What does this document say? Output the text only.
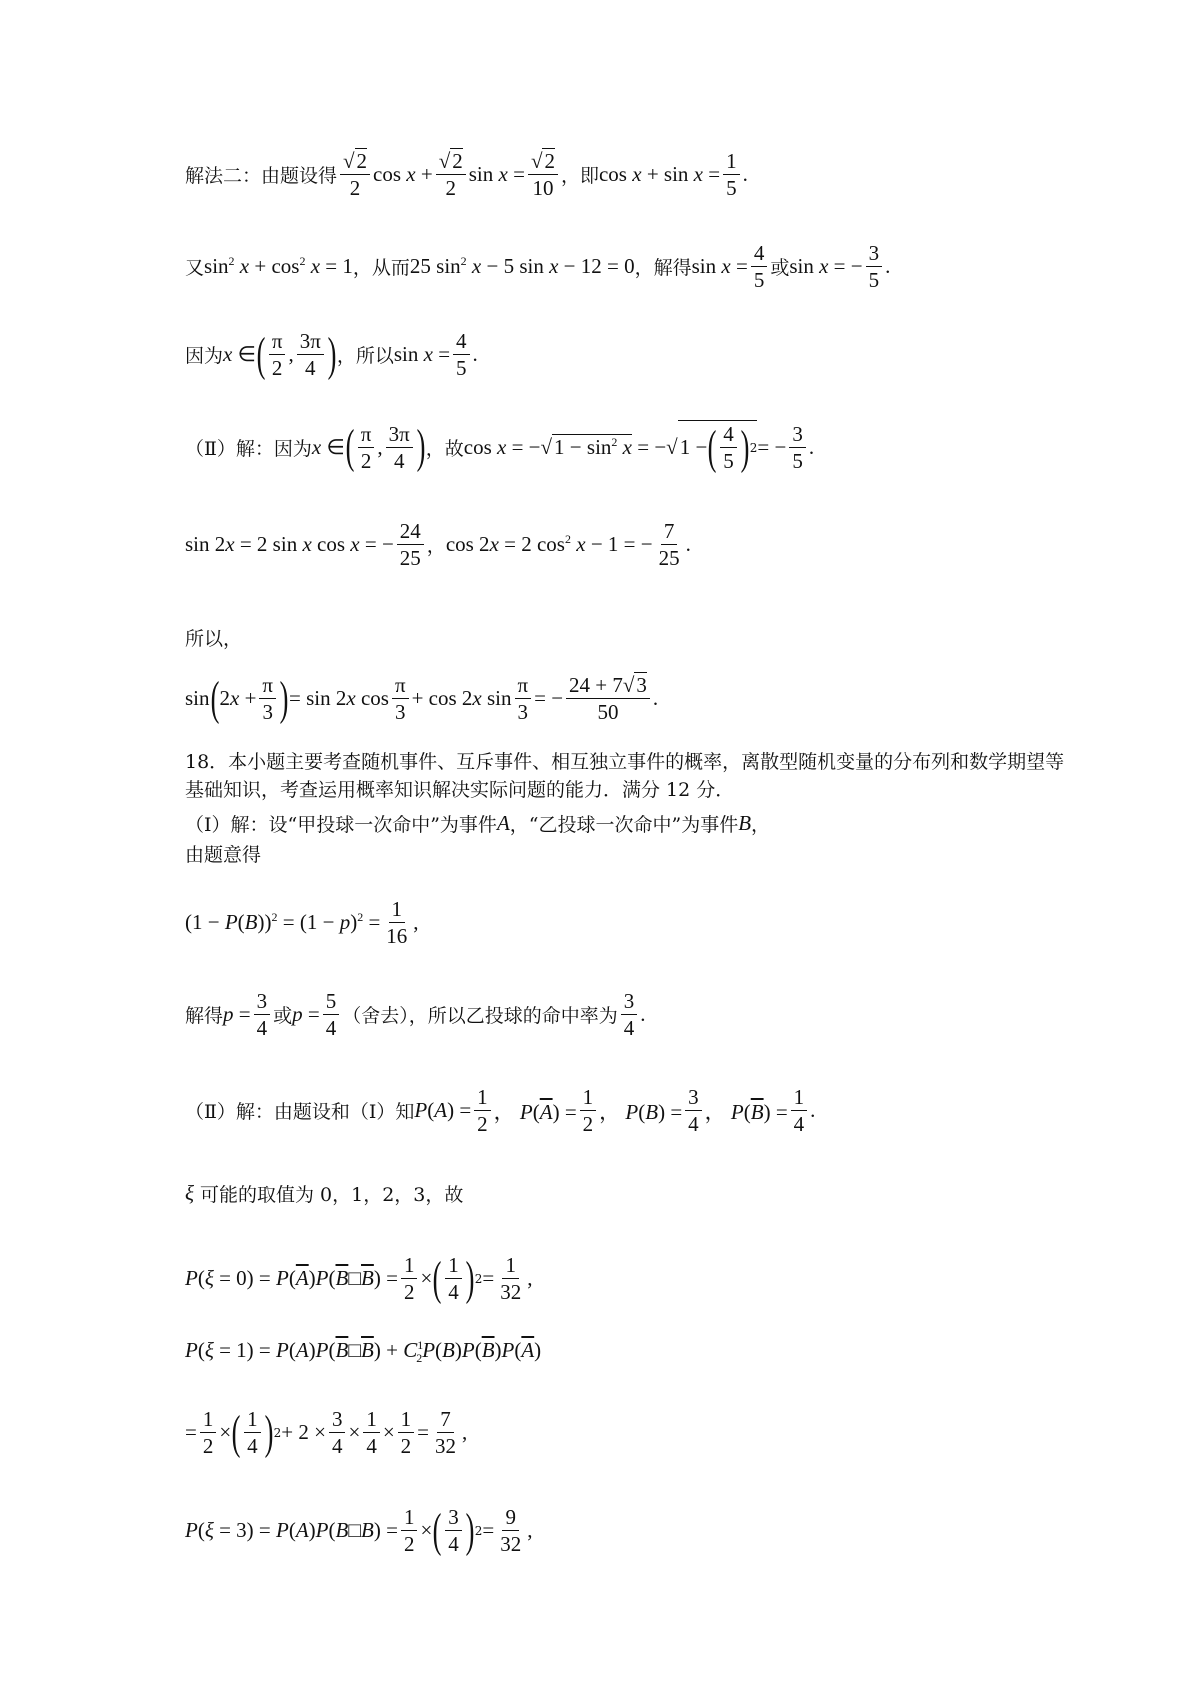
解法二：由题设得 $\frac{√2}{2}$ $\cos x + \frac{√2}{2}$ $\sin x = \frac{√2}{10}$ ，即 $\cos x + \sin x = \frac{1}{5}$ .
又 $\sin^2 x + \cos^2 x = 1$ ，从而 25 $\sin^2 x - 5$ sin x − 12 = 0 ，解得 $\sin x = \frac{4}{5}$ 或 sin x = − $\frac{3}{5}$ .
因为 x ∈ ( $\frac{\pi}{2}$ , $\frac{3\pi}{4}$ ) ，所以 $\sin x = \frac{4}{5}$ .
（Ⅱ）解：因为 x ∈ ( $\frac{\pi}{2}$ , $\frac{3\pi}{4}$ ) ，故 $\cos x = -√1 - \sin^2 x$ = −√ 1 − ( $\frac{4}{5}$ ) 2 = − $\frac{3}{5}$ .
sin 2x = 2 sin x cos x = − $\frac{24}{25}$ ， cos 2x = 2 $\cos^2 x - 1$ = − $\frac{7}{25}$ .
所以，
sin ( $2x + \frac{\pi}{3}$ ) = sin 2x $\cos \frac{\pi}{3} + \cos 2x$ $\sin \frac{\pi}{3}$ = − $\frac{24 + 7√3}{50}$ .
18．本小题主要考查随机事件、互斥事件、相互独立事件的概率，离散型随机变量的分布列和数学期望等基础知识，考查运用概率知识解决实际问题的能力．满分 12 分．
（Ⅰ）解：设“甲投球一次命中”为事件 A ，“乙投球一次命中”为事件 B ，
由题意得
$(1 - P(B))^2 = (1 - p)^2 = \frac{1}{16}$ ,
解得 $p = \frac{3}{4}$ 或 $p = \frac{5}{4}$ （舍去），所以乙投球的命中率为 $\frac{3}{4}$ .
（Ⅱ）解：由题设和（Ⅰ）知 $P(A) = \frac{1}{2}$ ， $P(\overline{A}) = \frac{1}{2}$ ， $P(B) = \frac{3}{4}$ ， $P(\overline{B}) = \frac{1}{4}$ .
ξ 可能的取值为 0，1，2，3，故
$P(\xi = 0) = P(\overline{A})P(\overline{B}□\overline{B}) = \frac{1}{2}$ × ( $\frac{1}{4}$ ) $2 = \frac{1}{32}$ ,
$P(\xi = 1) = P(A)P(\overline{B}□\overline{B}) + C^1_2P(B)P(\overline{B})P(\overline{A})$
= $\frac{1}{2}$ × ( $\frac{1}{4}$ ) $2 + 2 \times \frac{3}{4} \times \frac{1}{4} \times \frac{1}{2} = \frac{7}{32}$ ,
P(ξ = 3) = P(A)P(B□B) = $\frac{1}{2}$ × ( $\frac{3}{4}$ ) $2 = \frac{9}{32}$ ,
